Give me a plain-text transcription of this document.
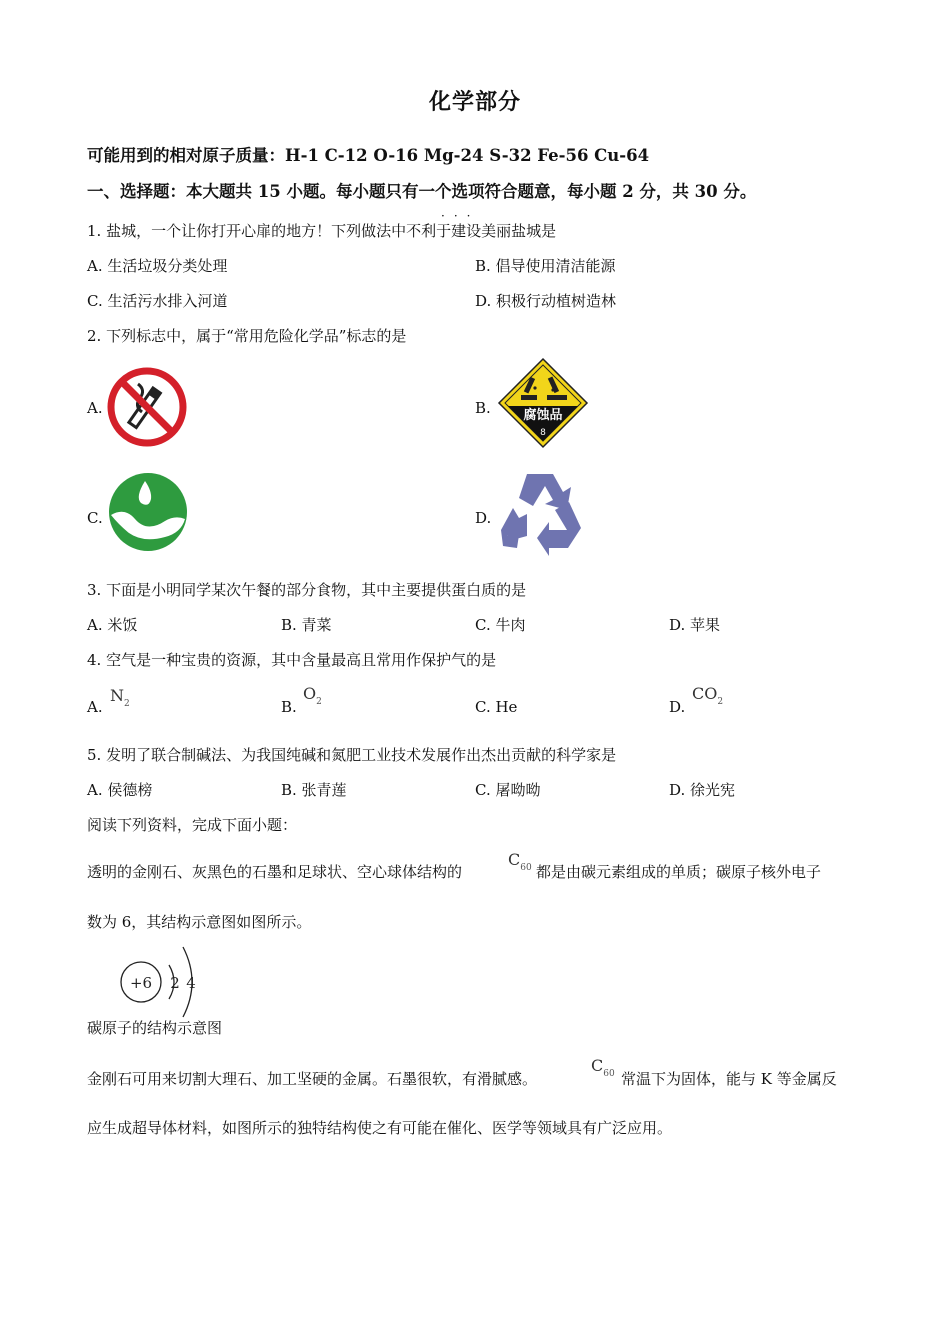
化学部分
可能用到的相对原子质量：H-1 C-12 O-16 Mg-24 S-32 Fe-56 Cu-64
一、选择题：本大题共 15 小题。每小题只有一个选项符合题意，每小题 2 分，共 30 分。
···
1. 盐城，一个让你打开心扉的地方！下列做法中不利于建设美丽盐城是
A. 生活垃圾分类处理	B. 倡导使用清洁能源
C. 生活污水排入河道	D. 积极行动植树造林
2. 下列标志中，属于“常用危险化学品”标志的是
A.	B.	腐蚀品
8
C.	D.
3. 下面是小明同学某次午餐的部分食物，其中主要提供蛋白质的是
A. 米饭	B. 青菜	C. 牛肉	D. 苹果
4. 空气是一种宝贵的资源，其中含量最高且常用作保护气的是
A.
$N_2$	B.
$O_2$	C. He	D.
$CO_2$
5. 发明了联合制碱法、为我国纯碱和氮肥工业技术发展作出杰出贡献的科学家是
A. 侯德榜	B. 张青莲	C. 屠呦呦	D. 徐光宪
阅读下列资料，完成下面小题：
透明的金刚石、灰黑色的石墨和足球状、空心球体结构的
$C_{60}$ 都是由碳元素组成的单质；碳原子核外电子
数为 6，其结构示意图如图所示。
+6 2 4
碳原子的结构示意图
金刚石可用来切割大理石、加工坚硬的金属。石墨很软，有滑腻感。
$C_{60}$ 常温下为固体，能与 K 等金属反
应生成超导体材料，如图所示的独特结构使之有可能在催化、医学等领域具有广泛应用。
